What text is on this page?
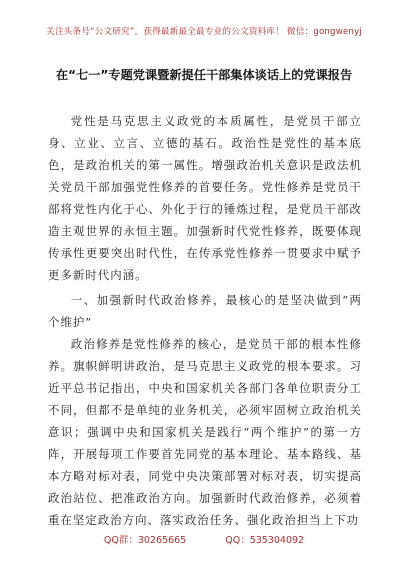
关注头条号“公文研究”，获得最新最全最专业的公文资料库！ 微信：gongwenyj
在“七一”专题党课暨新提任干部集体谈话上的党课报告

党性是马克思主义政党的本质属性，是党员干部立身、立业、立言、立德的基石。政治性是党性的基本底色，是政治机关的第一属性。增强政治机关意识是政法机关党员干部加强党性修养的首要任务。党性修养是党员干部将党性内化于心、外化于行的锤炼过程，是党员干部改造主观世界的永恒主题。加强新时代党性修养，既要体现传承性更要突出时代性，在传承党性修养一贯要求中赋予更多新时代内涵。

一、加强新时代政治修养，最核心的是坚决做到“两个维护”

政治修养是党性修养的核心，是党员干部的根本性修养。旗帜鲜明讲政治，是马克思主义政党的根本要求。习近平总书记指出，中央和国家机关各部门各单位职责分工不同，但都不是单纯的业务机关，必须牢固树立政治机关意识；强调中央和国家机关是践行“两个维护”的第一方阵，开展每项工作要首先同党的基本理论、基本路线、基本方略对标对表，同党中央决策部署对标对表，切实提高政治站位、把准政治方向。加强新时代政治修养，必须着重在坚定政治方向、落实政治任务、强化政治担当上下功

QQ群：30265665	QQ：535304092
